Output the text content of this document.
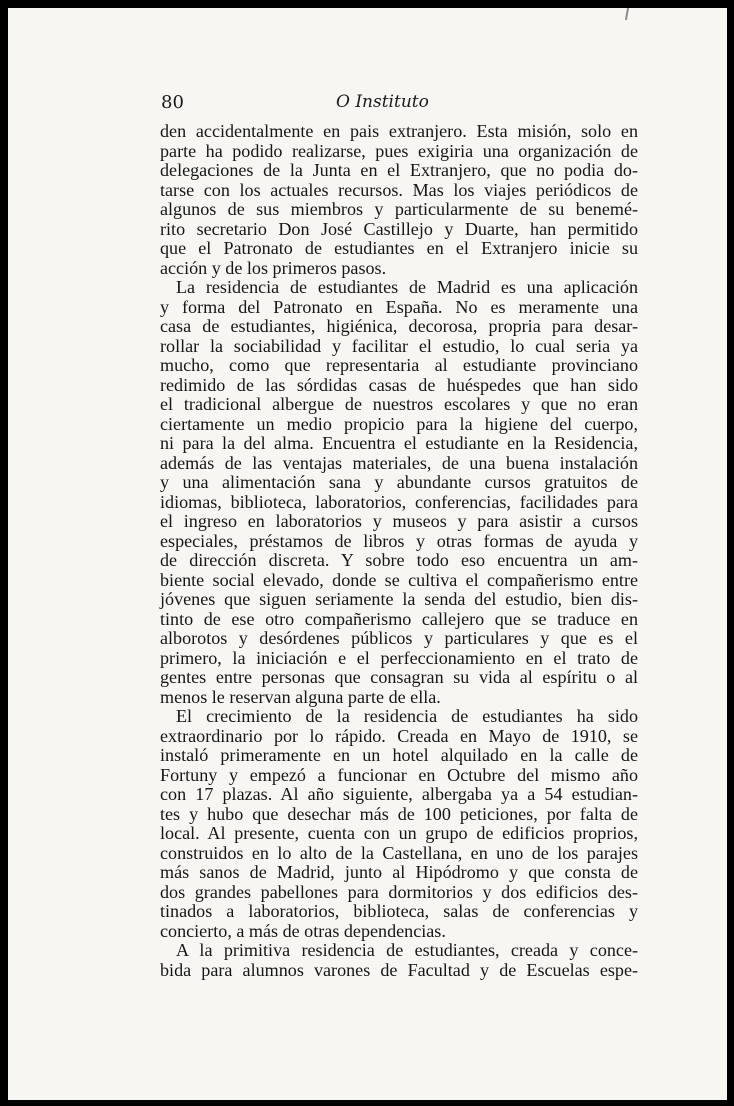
80	O Instituto
den accidentalmente en pais extranjero. Esta misión, solo en
parte ha podido realizarse, pues exigiria una organización de
delegaciones de la Junta en el Extranjero, que no podia do-
tarse con los actuales recursos. Mas los viajes periódicos de
algunos de sus miembros y particularmente de su benemé-
rito secretario Don José Castillejo y Duarte, han permitido
que el Patronato de estudiantes en el Extranjero inicie su
acción y de los primeros pasos.
La residencia de estudiantes de Madrid es una aplicación
y forma del Patronato en España. No es meramente una
casa de estudiantes, higiénica, decorosa, propria para desar-
rollar la sociabilidad y facilitar el estudio, lo cual seria ya
mucho, como que representaria al estudiante provinciano
redimido de las sórdidas casas de huéspedes que han sido
el tradicional albergue de nuestros escolares y que no eran
ciertamente un medio propicio para la higiene del cuerpo,
ni para la del alma. Encuentra el estudiante en la Residencia,
además de las ventajas materiales, de una buena instalación
y una alimentación sana y abundante cursos gratuitos de
idiomas, biblioteca, laboratorios, conferencias, facilidades para
el ingreso en laboratorios y museos y para asistir a cursos
especiales, préstamos de libros y otras formas de ayuda y
de dirección discreta. Y sobre todo eso encuentra un am-
biente social elevado, donde se cultiva el compañerismo entre
jóvenes que siguen seriamente la senda del estudio, bien dis-
tinto de ese otro compañerismo callejero que se traduce en
alborotos y desórdenes públicos y particulares y que es el
primero, la iniciación e el perfeccionamiento en el trato de
gentes entre personas que consagran su vida al espíritu o al
menos le reservan alguna parte de ella.
El crecimiento de la residencia de estudiantes ha sido
extraordinario por lo rápido. Creada en Mayo de 1910, se
instaló primeramente en un hotel alquilado en la calle de
Fortuny y empezó a funcionar en Octubre del mismo año
con 17 plazas. Al año siguiente, albergaba ya a 54 estudian-
tes y hubo que desechar más de 100 peticiones, por falta de
local. Al presente, cuenta con un grupo de edificios proprios,
construidos en lo alto de la Castellana, en uno de los parajes
más sanos de Madrid, junto al Hipódromo y que consta de
dos grandes pabellones para dormitorios y dos edificios des-
tinados a laboratorios, biblioteca, salas de conferencias y
concierto, a más de otras dependencias.
A la primitiva residencia de estudiantes, creada y conce-
bida para alumnos varones de Facultad y de Escuelas espe-
